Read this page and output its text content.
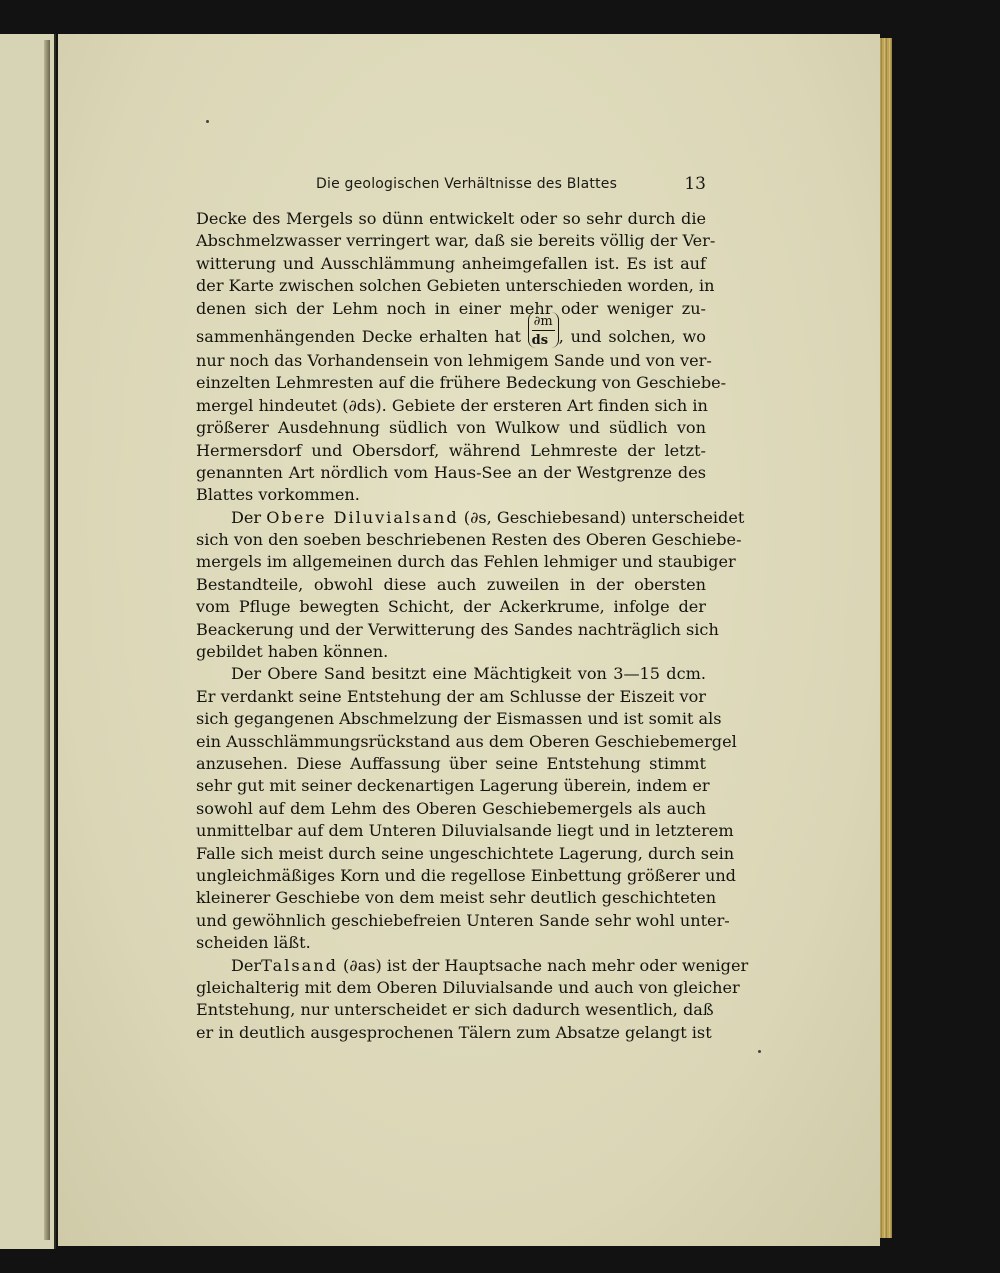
Die geologischen Verhältnisse des Blattes	13
Decke des Mergels so dünn entwickelt oder so sehr durch die
Abschmelzwasser verringert war, daß sie bereits völlig der Ver-
witterung und Ausschlämmung anheimgefallen ist. Es ist auf
der Karte zwischen solchen Gebieten unterschieden worden, in
denen sich der Lehm noch in einer mehr oder weniger zu-
sammenhängenden Decke erhalten hat $\frac{\partial m}{ds}$ , und solchen, wo
nur noch das Vorhandensein von lehmigem Sande und von ver-
einzelten Lehmresten auf die frühere Bedeckung von Geschiebe-
mergel hindeutet (∂ds). Gebiete der ersteren Art finden sich in
größerer Ausdehnung südlich von Wulkow und südlich von
Hermersdorf und Obersdorf, während Lehmreste der letzt-
genannten Art nördlich vom Haus-See an der Westgrenze des
Blattes vorkommen.
Der Obere Diluvialsand (∂s, Geschiebesand) unterscheidet
sich von den soeben beschriebenen Resten des Oberen Geschiebe-
mergels im allgemeinen durch das Fehlen lehmiger und staubiger
Bestandteile, obwohl diese auch zuweilen in der obersten
vom Pfluge bewegten Schicht, der Ackerkrume, infolge der
Beackerung und der Verwitterung des Sandes nachträglich sich
gebildet haben können.
Der Obere Sand besitzt eine Mächtigkeit von 3—15 dcm.
Er verdankt seine Entstehung der am Schlusse der Eiszeit vor
sich gegangenen Abschmelzung der Eismassen und ist somit als
ein Ausschlämmungsrückstand aus dem Oberen Geschiebemergel
anzusehen. Diese Auffassung über seine Entstehung stimmt
sehr gut mit seiner deckenartigen Lagerung überein, indem er
sowohl auf dem Lehm des Oberen Geschiebemergels als auch
unmittelbar auf dem Unteren Diluvialsande liegt und in letzterem
Falle sich meist durch seine ungeschichtete Lagerung, durch sein
ungleichmäßiges Korn und die regellose Einbettung größerer und
kleinerer Geschiebe von dem meist sehr deutlich geschichteten
und gewöhnlich geschiebefreien Unteren Sande sehr wohl unter-
scheiden läßt.
DerTalsand (∂as) ist der Hauptsache nach mehr oder weniger
gleichalterig mit dem Oberen Diluvialsande und auch von gleicher
Entstehung, nur unterscheidet er sich dadurch wesentlich, daß
er in deutlich ausgesprochenen Tälern zum Absatze gelangt ist
